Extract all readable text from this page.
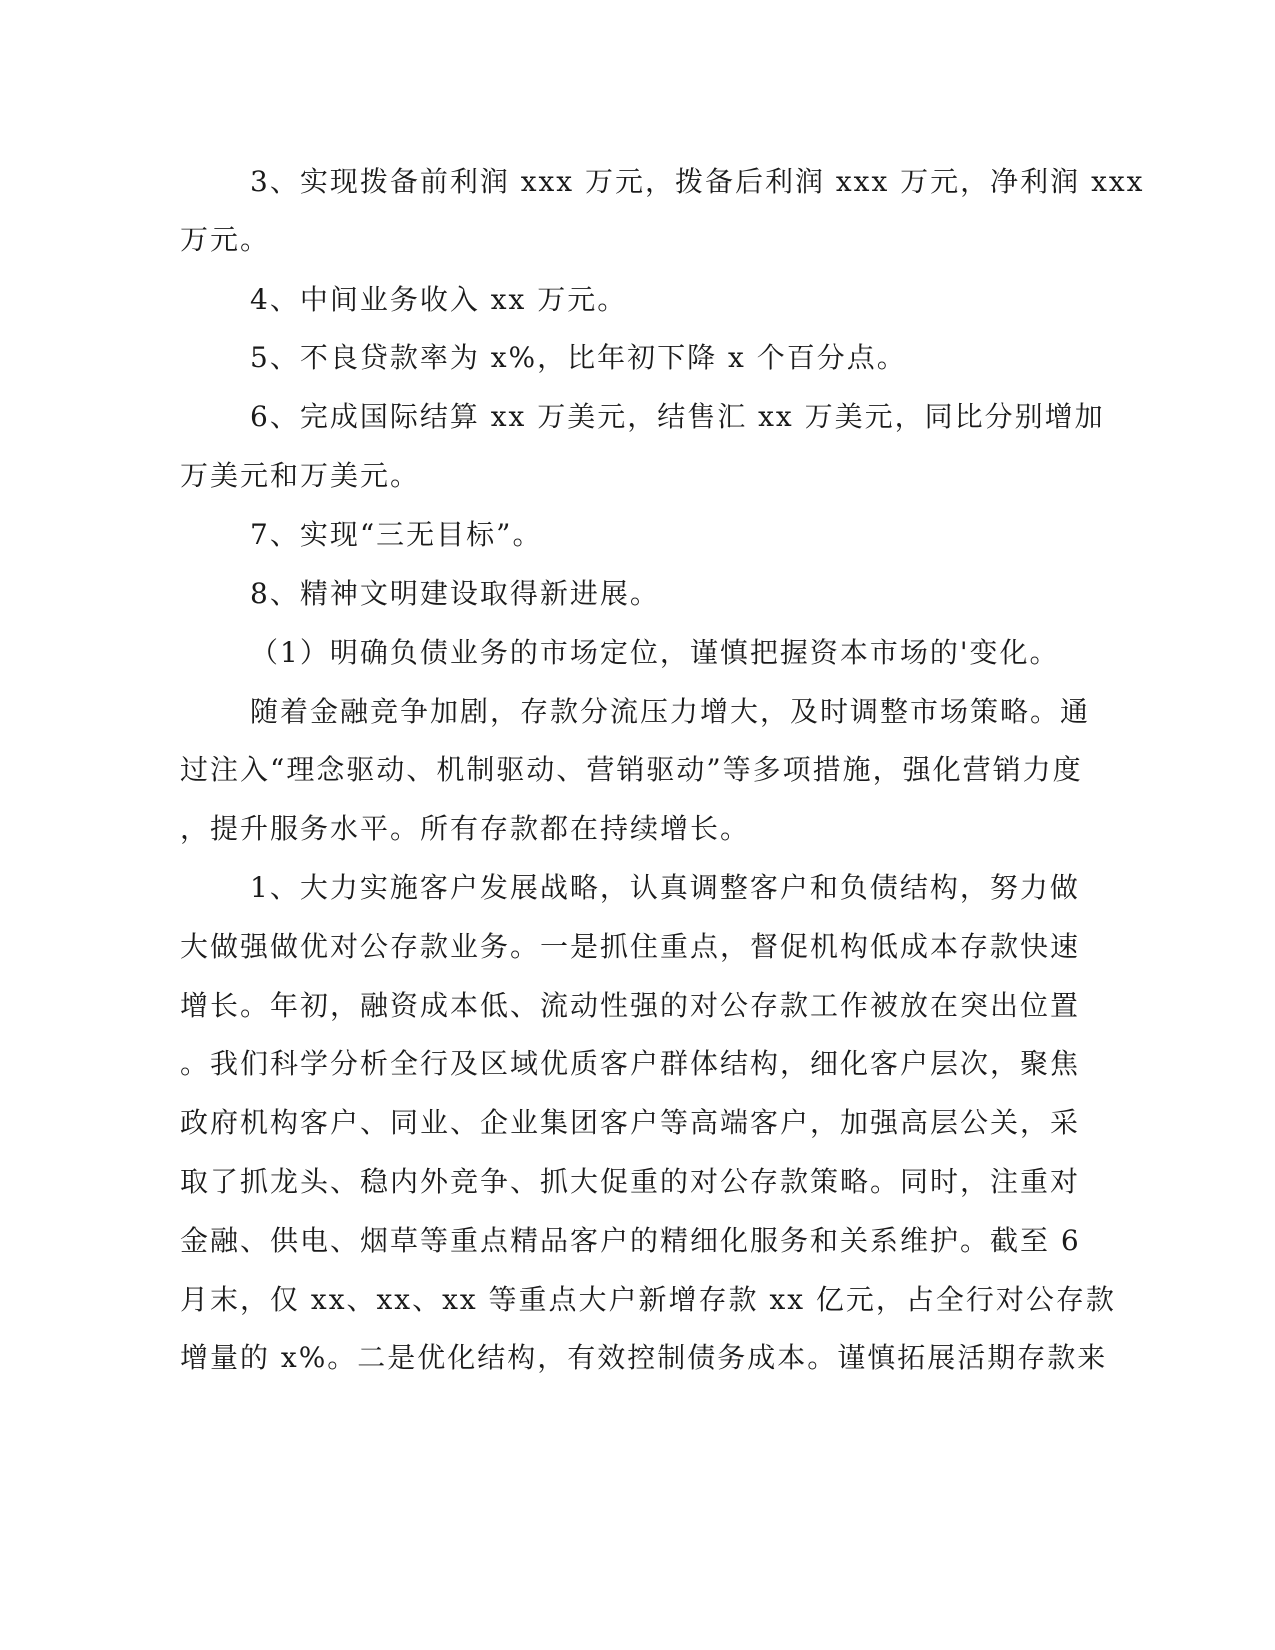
3、实现拨备前利润 xxx 万元，拨备后利润 xxx 万元，净利润 xxx
万元。
4、中间业务收入 xx 万元。
5、不良贷款率为 x%，比年初下降 x 个百分点。
6、完成国际结算 xx 万美元，结售汇 xx 万美元，同比分别增加
万美元和万美元。
7、实现“三无目标”。
8、精神文明建设取得新进展。
（1）明确负债业务的市场定位，谨慎把握资本市场的'变化。
随着金融竞争加剧，存款分流压力增大，及时调整市场策略。通
过注入“理念驱动、机制驱动、营销驱动”等多项措施，强化营销力度
，提升服务水平。所有存款都在持续增长。
1、大力实施客户发展战略，认真调整客户和负债结构，努力做
大做强做优对公存款业务。一是抓住重点，督促机构低成本存款快速
增长。年初，融资成本低、流动性强的对公存款工作被放在突出位置
。我们科学分析全行及区域优质客户群体结构，细化客户层次，聚焦
政府机构客户、同业、企业集团客户等高端客户，加强高层公关，采
取了抓龙头、稳内外竞争、抓大促重的对公存款策略。同时，注重对
金融、供电、烟草等重点精品客户的精细化服务和关系维护。截至 6
月末，仅 xx、xx、xx 等重点大户新增存款 xx 亿元，占全行对公存款
增量的 x%。二是优化结构，有效控制债务成本。谨慎拓展活期存款来
